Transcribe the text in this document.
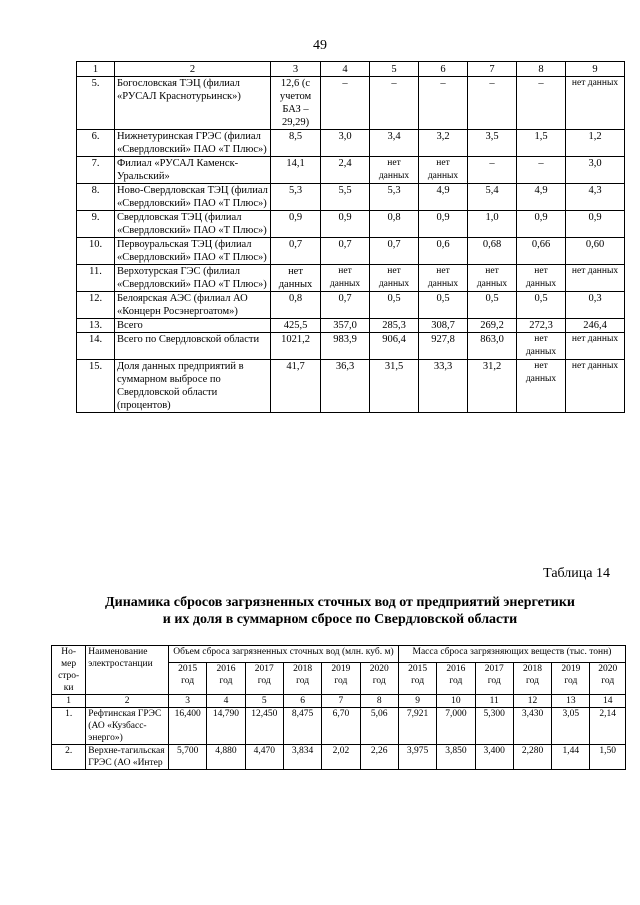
49
1	2	3	4	5	6	7	8	9
5.	Богословская ТЭЦ (филиал «РУСАЛ Краснотурьинск»)	12,6 (с учетом БАЗ – 29,29)	–	–	–	–	–	нет данных
6.	Нижнетуринская ГРЭС (филиал «Свердловский» ПАО «Т Плюс»)	8,5	3,0	3,4	3,2	3,5	1,5	1,2
7.	Филиал «РУСАЛ Каменск-Уральский»	14,1	2,4	нет данных	нет данных	–	–	3,0
8.	Ново-Свердловская ТЭЦ (филиал «Свердловский» ПАО «Т Плюс»)	5,3	5,5	5,3	4,9	5,4	4,9	4,3
9.	Свердловская ТЭЦ (филиал «Свердловский» ПАО «Т Плюс»)	0,9	0,9	0,8	0,9	1,0	0,9	0,9
10.	Первоуральская ТЭЦ (филиал «Свердловский» ПАО «Т Плюс»)	0,7	0,7	0,7	0,6	0,68	0,66	0,60
11.	Верхотурская ГЭС (филиал «Свердловский» ПАО «Т Плюс»)	нет данных	нет данных	нет данных	нет данных	нет данных	нет данных	нет данных
12.	Белоярская АЭС (филиал АО «Концерн Росэнергоатом»)	0,8	0,7	0,5	0,5	0,5	0,5	0,3
13.	Всего	425,5	357,0	285,3	308,7	269,2	272,3	246,4
14.	Всего по Свердловской области	1021,2	983,9	906,4	927,8	863,0	нет данных	нет данных
15.	Доля данных предприятий в суммарном выбросе по Свердловской области (процентов)	41,7	36,3	31,5	33,3	31,2	нет данных	нет данных
Таблица 14
Динамика сбросов загрязненных сточных вод от предприятий энергетики
и их доля в суммарном сбросе по Свердловской области
Но-мер стро-ки	Наименование электростанции	Объем сброса загрязненных сточных вод (млн. куб. м)						Масса сброса загрязняющих веществ (тыс. тонн)					
		2015 год	2016 год	2017 год	2018 год	2019 год	2020 год	2015 год	2016 год	2017 год	2018 год	2019 год	2020 год
1	2	3	4	5	6	7	8	9	10	11	12	13	14
1.	Рефтинская ГРЭС (АО «Кузбасс-энерго»)	16,400	14,790	12,450	8,475	6,70	5,06	7,921	7,000	5,300	3,430	3,05	2,14
2.	Верхне-тагильская ГРЭС (АО «Интер	5,700	4,880	4,470	3,834	2,02	2,26	3,975	3,850	3,400	2,280	1,44	1,50
